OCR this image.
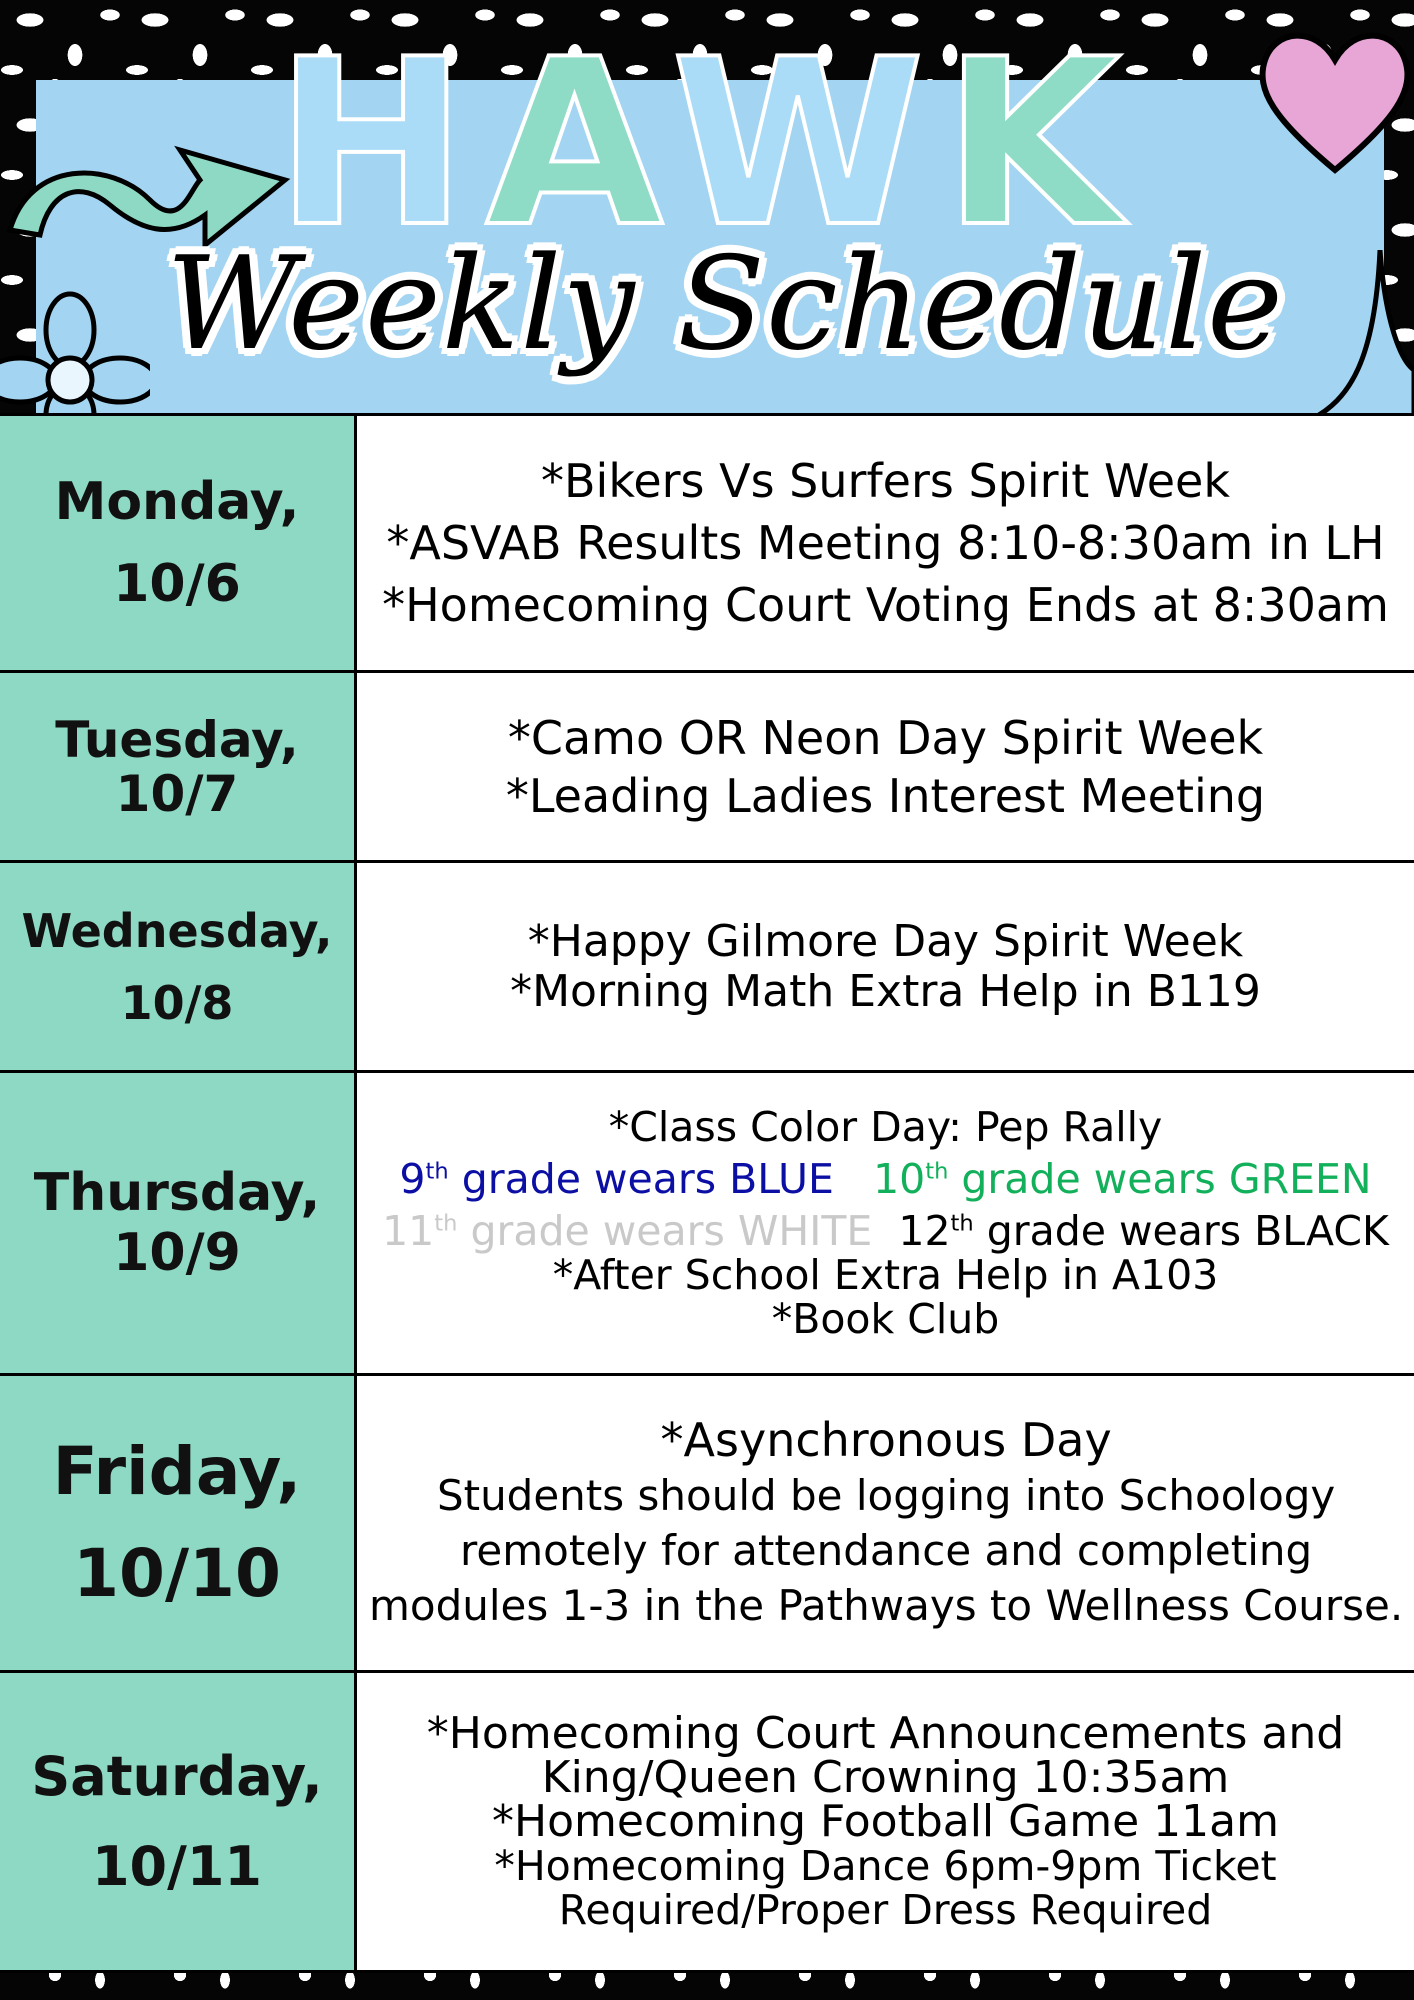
HAWK
Weekly Schedule
Monday,
10/6
*Bikers Vs Surfers Spirit Week
*ASVAB Results Meeting 8:10-8:30am in LH
*Homecoming Court Voting Ends at 8:30am
Tuesday,
10/7
*Camo OR Neon Day Spirit Week
*Leading Ladies Interest Meeting
Wednesday,
10/8
*Happy Gilmore Day Spirit Week
*Morning Math Extra Help in B119
Thursday,
10/9
*Class Color Day: Pep Rally
9th grade wears BLUE 10th grade wears GREEN
11th grade wears WHITE 12th grade wears BLACK
*After School Extra Help in A103
*Book Club
Friday,
10/10
*Asynchronous Day
Students should be logging into Schoology
remotely for attendance and completing
modules 1-3 in the Pathways to Wellness Course.
Saturday,
10/11
*Homecoming Court Announcements and
King/Queen Crowning 10:35am
*Homecoming Football Game 11am
*Homecoming Dance 6pm-9pm Ticket
Required/Proper Dress Required
